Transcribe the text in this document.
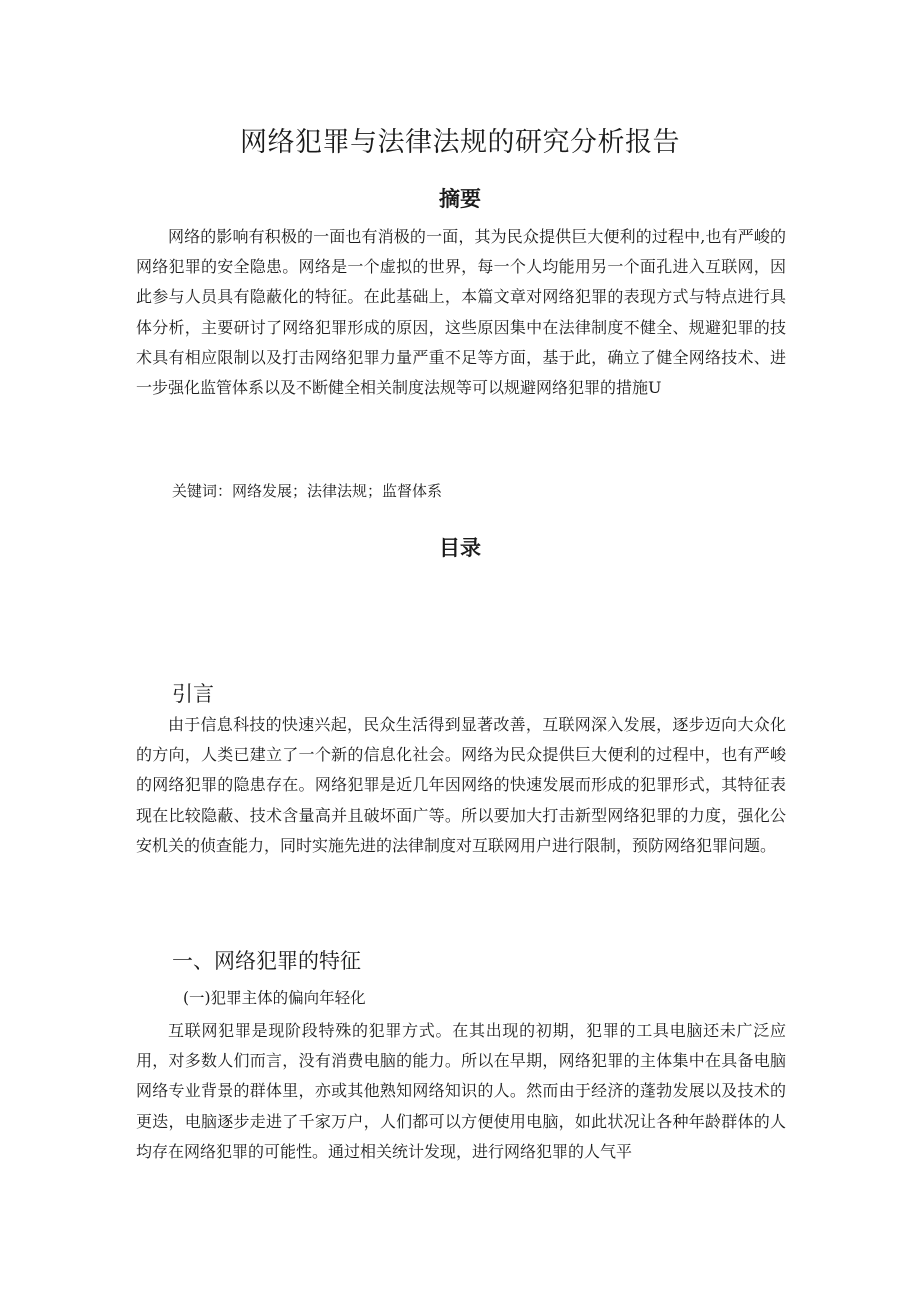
网络犯罪与法律法规的研究分析报告
摘要

网络的影响有积极的一面也有消极的一面，其为民众提供巨大便利的过程中,也有严峻的网络犯罪的安全隐患。网络是一个虚拟的世界，每一个人均能用另一个面孔进入互联网，因此参与人员具有隐蔽化的特征。在此基础上，本篇文章对网络犯罪的表现方式与特点进行具体分析，主要研讨了网络犯罪形成的原因，这些原因集中在法律制度不健全、规避犯罪的技术具有相应限制以及打击网络犯罪力量严重不足等方面，基于此，确立了健全网络技术、进一步强化监管体系以及不断健全相关制度法规等可以规避网络犯罪的措施U

关键词：网络发展；法律法规；监督体系

目录
引言

由于信息科技的快速兴起，民众生活得到显著改善，互联网深入发展，逐步迈向大众化的方向，人类已建立了一个新的信息化社会。网络为民众提供巨大便利的过程中，也有严峻的网络犯罪的隐患存在。网络犯罪是近几年因网络的快速发展而形成的犯罪形式，其特征表现在比较隐蔽、技术含量高并且破坏面广等。所以要加大打击新型网络犯罪的力度，强化公安机关的侦查能力，同时实施先进的法律制度对互联网用户进行限制，预防网络犯罪问题。

一、网络犯罪的特征

(一)犯罪主体的偏向年轻化

互联网犯罪是现阶段特殊的犯罪方式。在其出现的初期，犯罪的工具电脑还未广泛应用，对多数人们而言，没有消费电脑的能力。所以在早期，网络犯罪的主体集中在具备电脑网络专业背景的群体里，亦或其他熟知网络知识的人。然而由于经济的蓬勃发展以及技术的更迭，电脑逐步走进了千家万户，人们都可以方便使用电脑，如此状况让各种年龄群体的人均存在网络犯罪的可能性。通过相关统计发现，进行网络犯罪的人气平
